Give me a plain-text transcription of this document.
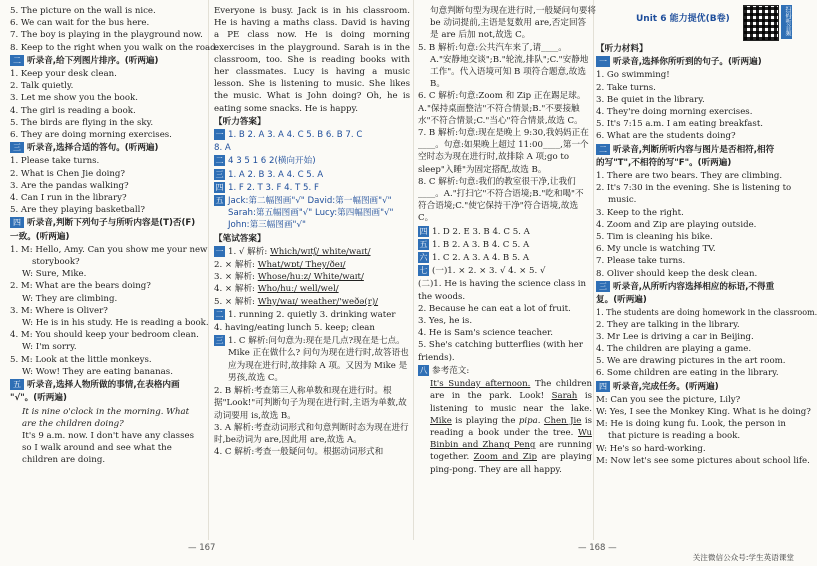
5. The picture on the wall is nice.

6. We can wait for the bus here.

7. The boy is playing in the playground now.

8. Keep to the right when you walk on the road.

二 听录音,给下列图片排序。(听两遍)

1. Keep your desk clean.

2. Talk quietly.

3. Let me show you the book.

4. The girl is reading a book.

5. The birds are flying in the sky.

6. They are doing morning exercises.

三 听录音,选择合适的答句。(听两遍)

1. Please take turns.

2. What is Chen Jie doing?

3. Are the pandas walking?

4. Can I run in the library?

5. Are they playing basketball?

四 听录音,判断下列句子与所听内容是(T)否(F)

一致。(听两遍)

1. M: Hello, Amy. Can you show me your new

storybook?

W: Sure, Mike.

2. M: What are the bears doing?

W: They are climbing.

3. M: Where is Oliver?

W: He is in his study. He is reading a book.

4. M: You should keep your bedroom clean.

W: I'm sorry.

5. M: Look at the little monkeys.

W: Wow! They are eating bananas.

五 听录音,选择人物所做的事情,在表格内画

"√"。(听两遍)

It is nine o'clock in the morning. What are the children doing?

It's 9 a.m. now. I don't have any classes so I walk around and see what the children are doing.

Everyone is busy. Jack is in his classroom. He is having a maths class. David is having a PE class now. He is doing morning exercises in the playground. Sarah is in the classroom, too. She is reading books with her classmates. Lucy is having a music lesson. She is listening to music. She likes the music. What is John doing? Oh, he is eating some snacks. He is happy.

【听力答案】

一 1. B 2. A 3. A 4. C 5. B 6. B 7. C

8. A

二 4 3 5 1 6 2(横向开始)
三 1. A 2. B 3. A 4. C 5. A
四 1. F 2. T 3. F 4. T 5. F
五 Jack:第二幅图画"√" David:第一幅图画"√" Sarah:第五幅图画"√" Lucy:第四幅图画"√" John:第三幅图画"√"

【笔试答案】

一 1. √ 解析: Which/wɪtʃ/ white/waɪt/

2. × 解析: What/wɒt/ They/ðeɪ/

3. × 解析: Whose/huːz/ White/waɪt/

4. × 解析: Who/huː/ well/wel/

5. × 解析: Why/waɪ/ weather/'weðə(r)/

二 1. running 2. quietly 3. drinking water

4. having/eating lunch 5. keep; clean

三 1. C 解析:问句意为:现在是几点?现在是七点。Mike 正在做什么? 问句为现在进行时,故答语也应为现在进行时,故排除 A 项。又因为 Mike 是男孩,故选 C。

2. B 解析:考查第三人称单数和现在进行时。根据"Look!"可判断句子为现在进行时,主语为单数,故动词要用 is,故选 B。

3. A 解析:考查动词形式和句意判断时态为现在进行时,be动词为 are,因此用 are,故选 A。

4. C 解析:考查一般疑问句。根据动词形式和

句意判断句型为现在进行时,一般疑问句要将

be 动词提前,主语是复数用 are,否定回答

是 are 后加 not,故选 C。

5. B 解析:句意:公共汽车来了,请____。

A."安静地交谈";B."轮流,排队";C."安静地工作"。代入语境可知 B 项符合题意,故选 B。

6. C 解析:句意:Zoom 和 Zip 正在踢足球。A."保持桌面整洁"不符合情景;B."不要接触水"不符合情景;C."当心"符合情景,故选 C。

7. B 解析:句意:现在是晚上 9:30,我妈妈正在____。句意:如果晚上超过 11:00____,第一个空时态为现在进行时,故排除 A 项;go to sleep"入睡"为固定搭配,故选 B。

8. C 解析:句意:我们的教室很干净,让我们____。A."打扫它"不符合语境;B."吃和喝"不符合语境;C."使它保持干净"符合语境,故选 C。

四 1. D 2. E 3. B 4. C 5. A
五 1. B 2. A 3. B 4. C 5. A
六 1. C 2. A 3. A 4. B 5. A
七 (一)1. × 2. × 3. √ 4. × 5. √

(二)1. He is having the science class in the woods.

2. Because he can eat a lot of fruit.

3. Yes, he is.

4. He is Sam's science teacher.

5. She's catching butterflies (with her friends).

八 参考范文:

It's Sunday afternoon. The children are in the park. Look! Sarah is listening to music near the lake. Mike is playing the pipa. Chen Jie is reading a book under the tree. Wu Binbin and Zhang Peng are running together. Zoom and Zip are playing ping-pong. They are all happy.

Unit 6 能力提优(B卷)	扫码听音频

【听力材料】

一 听录音,选择你所听到的句子。(听两遍)

1. Go swimming!

2. Take turns.

3. Be quiet in the library.

4. They're doing morning exercises.

5. It's 7:15 a.m. I am eating breakfast.

6. What are the students doing?

二 听录音,判断所听内容与图片是否相符,相符

的写"T",不相符的写"F"。(听两遍)

1. There are two bears. They are climbing.

2. It's 7:30 in the evening. She is listening to

music.

3. Keep to the right.

4. Zoom and Zip are playing outside.

5. Tim is cleaning his bike.

6. My uncle is watching TV.

7. Please take turns.

8. Oliver should keep the desk clean.

三 听录音,从所听内容选择相应的标语,不得重

复。(听两遍)

1. The students are doing homework in the classroom.

2. They are talking in the library.

3. Mr Lee is driving a car in Beijing.

4. The children are playing a game.

5. We are drawing pictures in the art room.

6. Some children are eating in the library.

四 听录音,完成任务。(听两遍)

M: Can you see the picture, Lily?

W: Yes, I see the Monkey King. What is he doing?

M: He is doing kung fu. Look, the person in

that picture is reading a book.

W: He's so hard-working.

M: Now let's see some pictures about school life.

— 167	— 168 —
关注微信公众号:学生英语课堂
